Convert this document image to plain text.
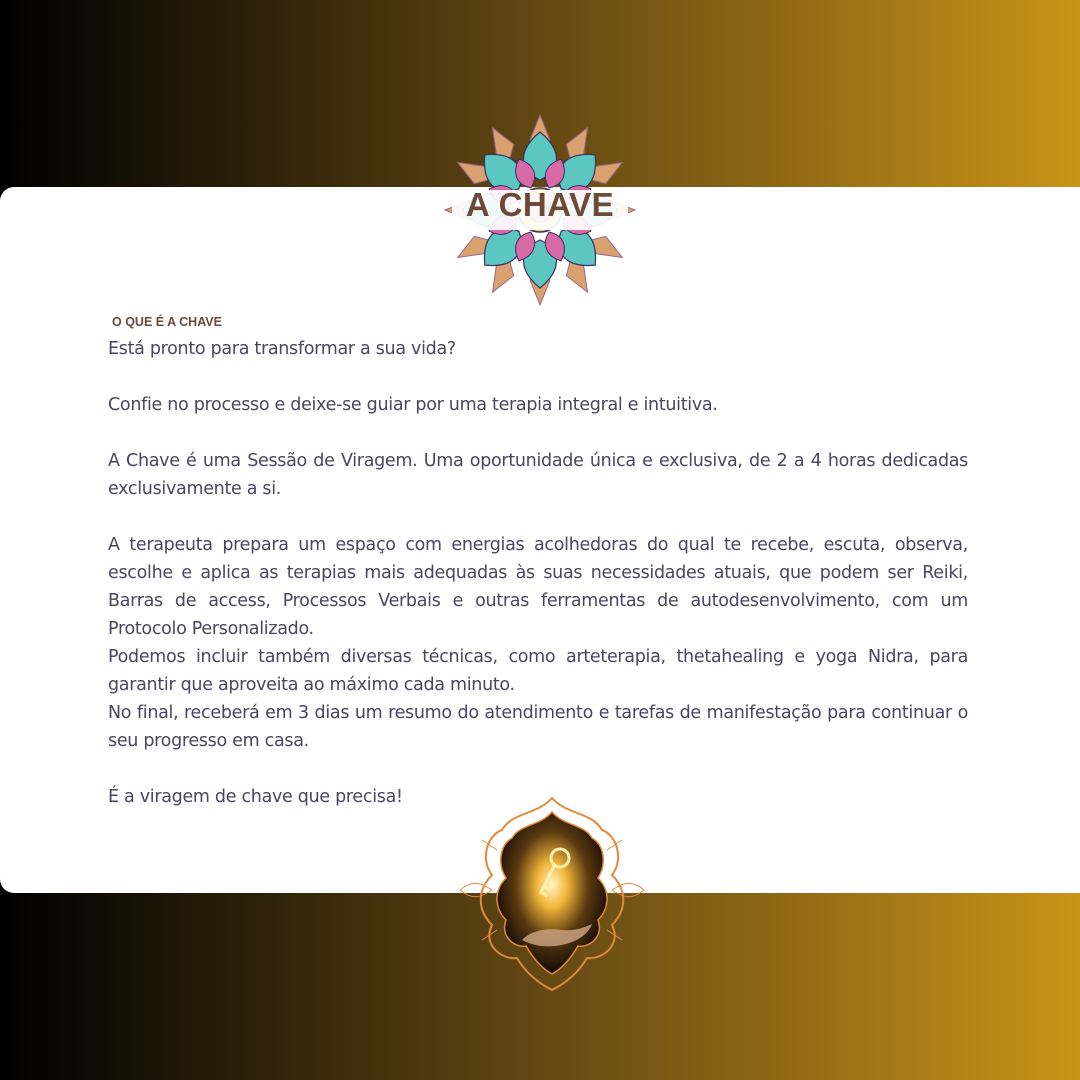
A CHAVE
O QUE É A CHAVE

Está pronto para transformar a sua vida?

Confie no processo e deixe-se guiar por uma terapia integral e intuitiva.

A Chave é uma Sessão de Viragem. Uma oportunidade única e exclusiva, de 2 a 4 horas dedicadas exclusivamente a si.

A terapeuta prepara um espaço com energias acolhedoras do qual te recebe, escuta, observa, escolhe e aplica as terapias mais adequadas às suas necessidades atuais, que podem ser Reiki, Barras de access, Processos Verbais e outras ferramentas de autodesenvolvimento, com um Protocolo Personalizado.

Podemos incluir também diversas técnicas, como arteterapia, thetahealing e yoga Nidra, para garantir que aproveita ao máximo cada minuto.

No final, receberá em 3 dias um resumo do atendimento e tarefas de manifestação para continuar o seu progresso em casa.

É a viragem de chave que precisa!
